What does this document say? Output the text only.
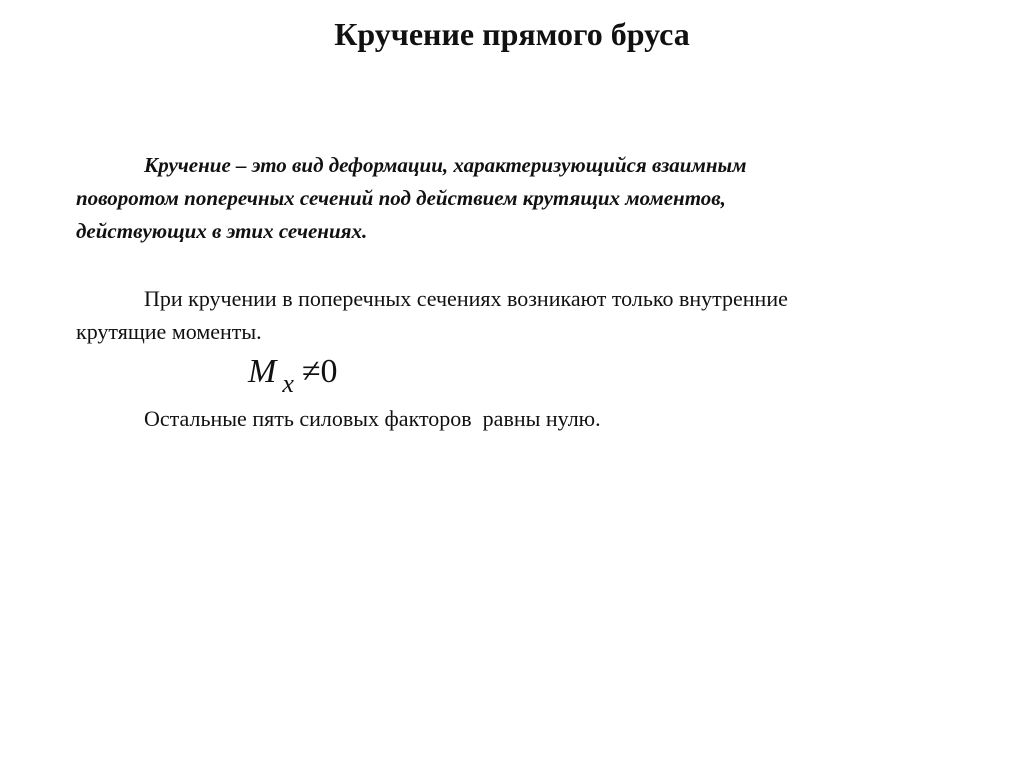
Кручение прямого бруса

Кручение – это вид деформации, характеризующийся взаимным
поворотом поперечных сечений под действием крутящих моментов,
действующих в этих сечениях.

При кручении в поперечных сечениях возникают только внутренние
крутящие моменты.

M $_x$ ≠0

Остальные пять силовых факторов  равны нулю.
